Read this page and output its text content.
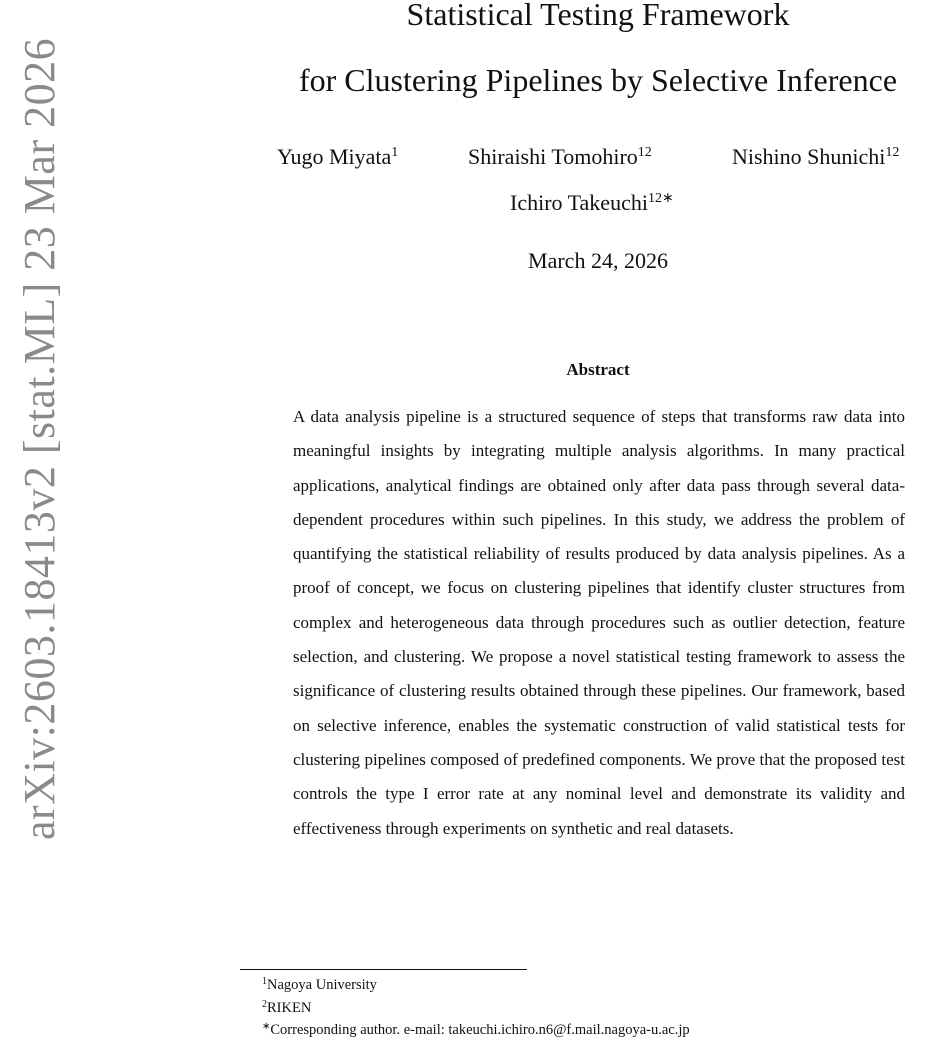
arXiv:2603.18413v2 [stat.ML] 23 Mar 2026
Statistical Testing Framework
for Clustering Pipelines by Selective Inference
Yugo Miyata$^1$	Shiraishi Tomohiro$^{12}$	Nishino Shunichi$^{12}$
Ichiro Takeuchi$^{12∗}$
March 24, 2026
Abstract

A data analysis pipeline is a structured sequence of steps that transforms raw data into meaningful insights by integrating multiple analysis algorithms. In many practical applications, analytical findings are obtained only after data pass through several data-dependent procedures within such pipelines. In this study, we address the problem of quantifying the statistical reliability of results produced by data analysis pipelines. As a proof of concept, we focus on clustering pipelines that identify cluster structures from complex and heterogeneous data through procedures such as outlier detection, feature selection, and clustering. We propose a novel statistical testing framework to assess the significance of clustering results obtained through these pipelines. Our framework, based on selective inference, enables the systematic construction of valid statistical tests for clustering pipelines composed of predefined components. We prove that the proposed test controls the type I error rate at any nominal level and demonstrate its validity and effectiveness through experiments on synthetic and real datasets.

$^1$Nagoya University
$^2$RIKEN
∗Corresponding author. e-mail: takeuchi.ichiro.n6@f.mail.nagoya-u.ac.jp
